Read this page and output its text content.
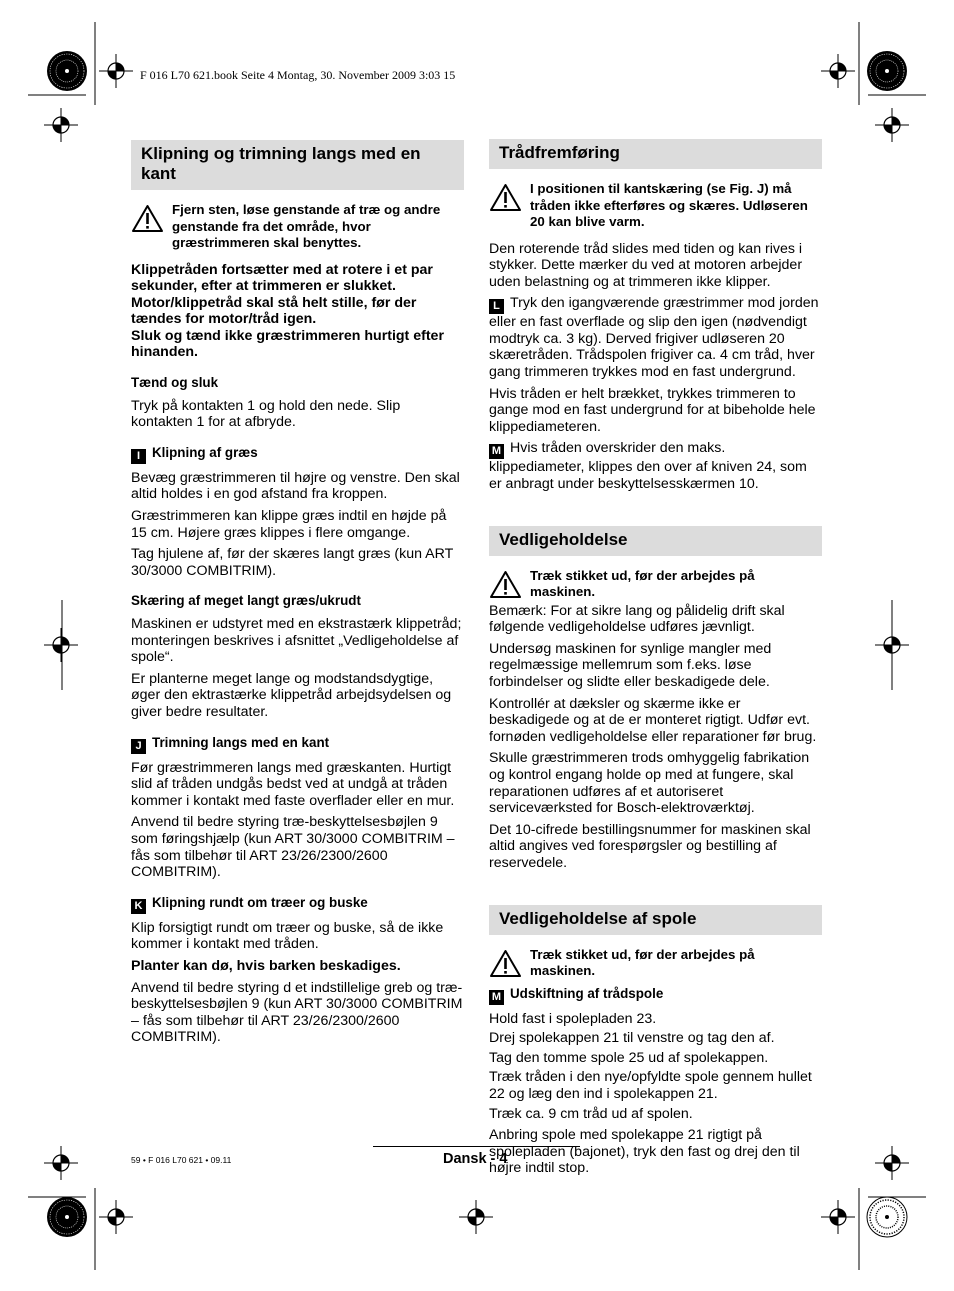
F 016 L70 621.book Seite 4 Montag, 30. November 2009 3:03 15
Klipning og trimning langs med en kant
Fjern sten, løse genstande af træ og andre genstande fra det område, hvor græstrimmeren skal benyttes.

Klippetråden fortsætter med at rotere i et par sekunder, efter at trimmeren er slukket. Motor/klippetråd skal stå helt stille, før der tændes for motor/tråd igen.

Sluk og tænd ikke græstrimmeren hurtigt efter hinanden.

Tænd og sluk

Tryk på kontakten 1 og hold den nede. Slip kontakten 1 for at afbryde.

I Klipning af græs

Bevæg græstrimmeren til højre og venstre. Den skal altid holdes i en god afstand fra kroppen.

Græstrimmeren kan klippe græs indtil en højde på 15 cm. Højere græs klippes i flere omgange.

Tag hjulene af, før der skæres langt græs (kun ART 30/3000 COMBITRIM).

Skæring af meget langt græs/ukrudt

Maskinen er udstyret med en ekstrastærk klippetråd; monteringen beskrives i afsnittet „Vedligeholdelse af spole“.

Er planterne meget lange og modstandsdygtige, øger den ektrastærke klippetråd arbejdsydelsen og giver bedre resultater.

J Trimning langs med en kant

Før græstrimmeren langs med græskanten. Hurtigt slid af tråden undgås bedst ved at undgå at tråden kommer i kontakt med faste overflader eller en mur.

Anvend til bedre styring træ-beskyttelsesbøjlen 9 som føringshjælp (kun ART 30/3000 COMBITRIM – fås som tilbehør til ART 23/26/2300/2600 COMBITRIM).

K Klipning rundt om træer og buske

Klip forsigtigt rundt om træer og buske, så de ikke kommer i kontakt med tråden.

Planter kan dø, hvis barken beskadiges.

Anvend til bedre styring d et indstillelige greb og træ-beskyttelsesbøjlen 9 (kun ART 30/3000 COMBITRIM – fås som tilbehør til ART 23/26/2300/2600 COMBITRIM).

Trådfremføring
I positionen til kantskæring (se Fig. J) må tråden ikke efterføres og skæres. Udløseren 20 kan blive varm.

Den roterende tråd slides med tiden og kan rives i stykker. Dette mærker du ved at motoren arbejder uden belastning og at trimmeren ikke klipper.

L Tryk den igangværende græstrimmer mod jorden eller en fast overflade og slip den igen (nødvendigt modtryk ca. 3 kg). Derved frigiver udløseren 20 skæretråden. Trådspolen frigiver ca. 4 cm tråd, hver gang trimmeren trykkes mod en fast undergrund.

Hvis tråden er helt brækket, trykkes trimmeren to gange mod en fast undergrund for at bibeholde hele klippediameteren.

M Hvis tråden overskrider den maks. klippediameter, klippes den over af kniven 24, som er anbragt under beskyttelsesskærmen 10.

Vedligeholdelse
Træk stikket ud, før der arbejdes på maskinen.

Bemærk: For at sikre lang og pålidelig drift skal følgende vedligeholdelse udføres jævnligt.

Undersøg maskinen for synlige mangler med regelmæssige mellemrum som f.eks. løse forbindelser og slidte eller beskadigede dele.

Kontrollér at dæksler og skærme ikke er beskadigede og at de er monteret rigtigt. Udfør evt. fornøden vedligeholdelse eller reparationer før brug.

Skulle græstrimmeren trods omhyggelig fabrikation og kontrol engang holde op med at fungere, skal reparationen udføres af et autoriseret serviceværksted for Bosch-elektroværktøj.

Det 10-cifrede bestillingsnummer for maskinen skal altid angives ved forespørgsler og bestilling af reservedele.

Vedligeholdelse af spole
Træk stikket ud, før der arbejdes på maskinen.
M Udskiftning af trådspole

Hold fast i spolepladen 23.

Drej spolekappen 21 til venstre og tag den af.

Tag den tomme spole 25 ud af spolekappen.

Træk tråden i den nye/opfyldte spole gennem hullet 22 og læg den ind i spolekappen 21.

Træk ca. 9 cm tråd ud af spolen.

Anbring spole med spolekappe 21 rigtigt på spolepladen (bajonet), tryk den fast og drej den til højre indtil stop.

59 • F 016 L70 621 • 09.11	Dansk - 4
